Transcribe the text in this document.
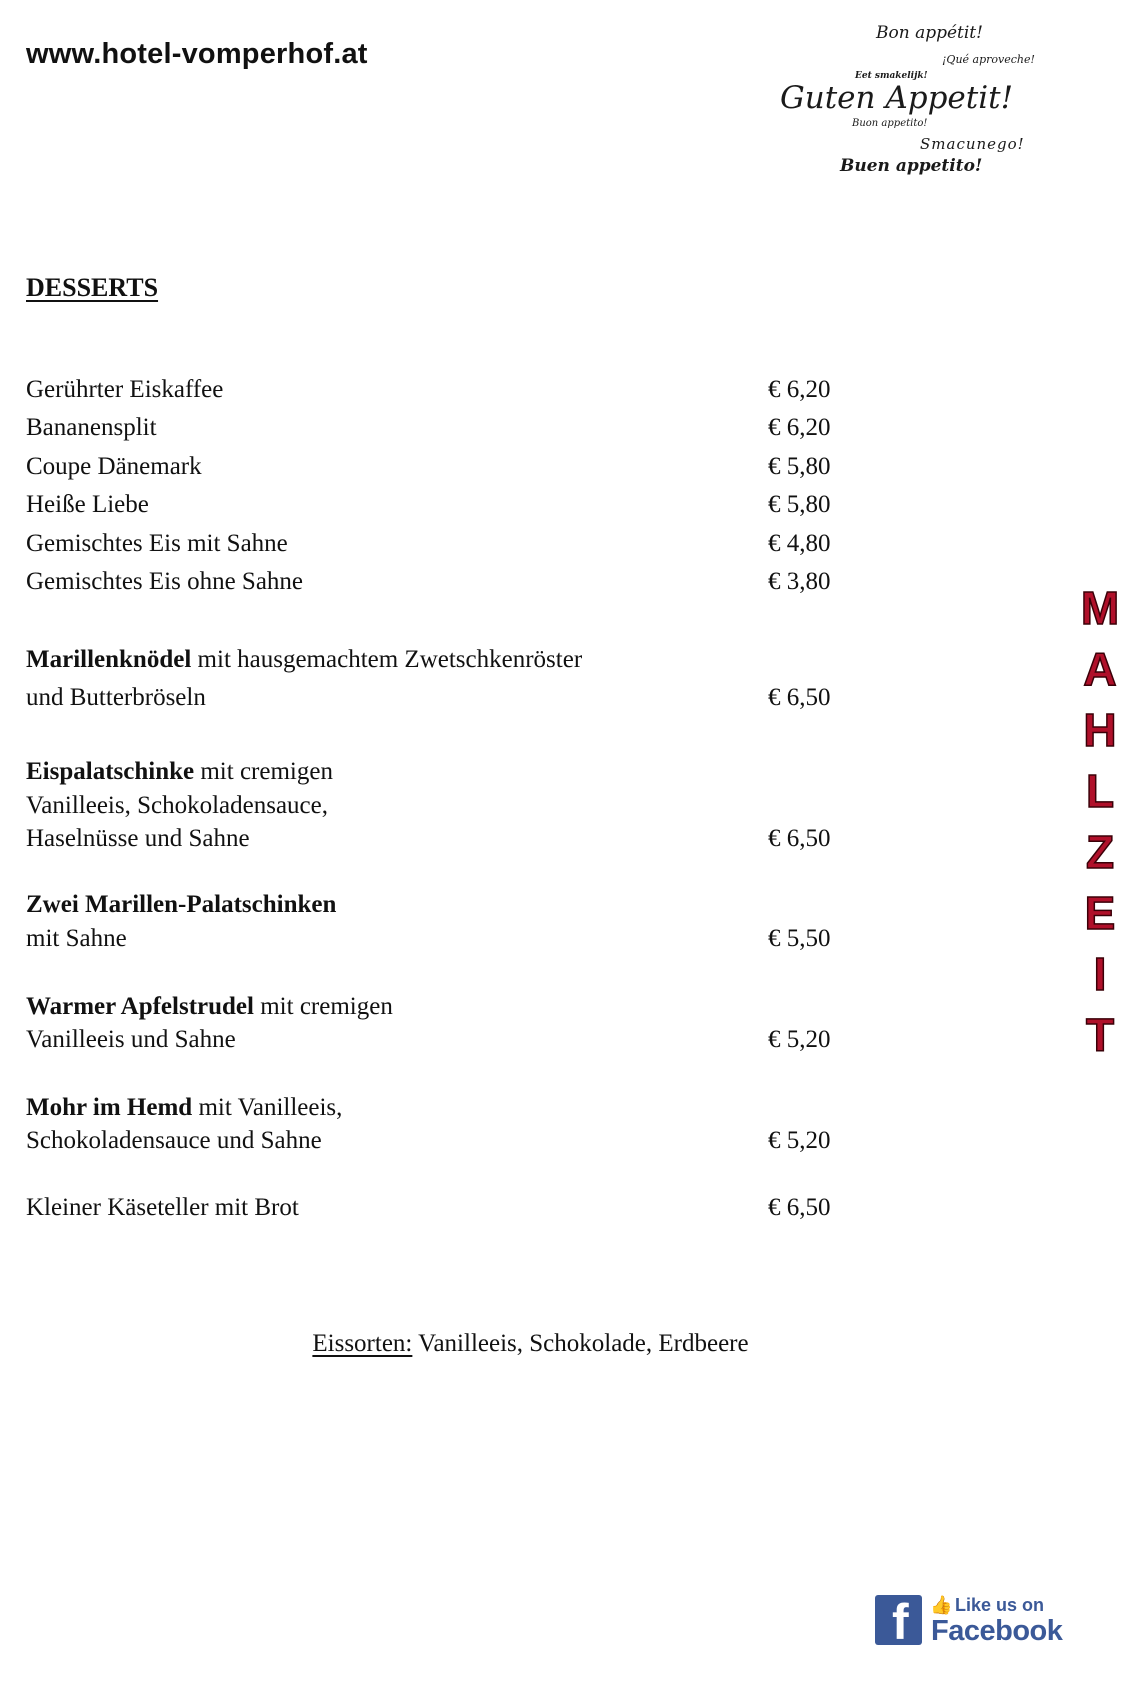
www.hotel-vomperhof.at
Bon appétit!
¡Qué aproveche!
Eet smakelijk!
Guten Appetit!
Buon appetito!
Smacunego!
Buen appetito!
DESSERTS
Gerührter Eiskaffee	€ 6,20
Bananensplit	€ 6,20
Coupe Dänemark	€ 5,80
Heiße Liebe	€ 5,80
Gemischtes Eis mit Sahne	€ 4,80
Gemischtes Eis ohne Sahne	€ 3,80
Marillenknödel mit hausgemachtem Zwetschkenröster
und Butterbröseln	€ 6,50
Eispalatschinke mit cremigen
Vanilleeis, Schokoladensauce,
Haselnüsse und Sahne	€ 6,50
Zwei Marillen-Palatschinken
mit Sahne	€ 5,50
Warmer Apfelstrudel mit cremigen
Vanilleeis und Sahne	€ 5,20
Mohr im Hemd mit Vanilleeis,
Schokoladensauce und Sahne	€ 5,20
Kleiner Käseteller mit Brot	€ 6,50
Eissorten: Vanilleeis, Schokolade, Erdbeere
M
A
H
L
Z
E
I
T
f 👍 Like us on
Facebook
